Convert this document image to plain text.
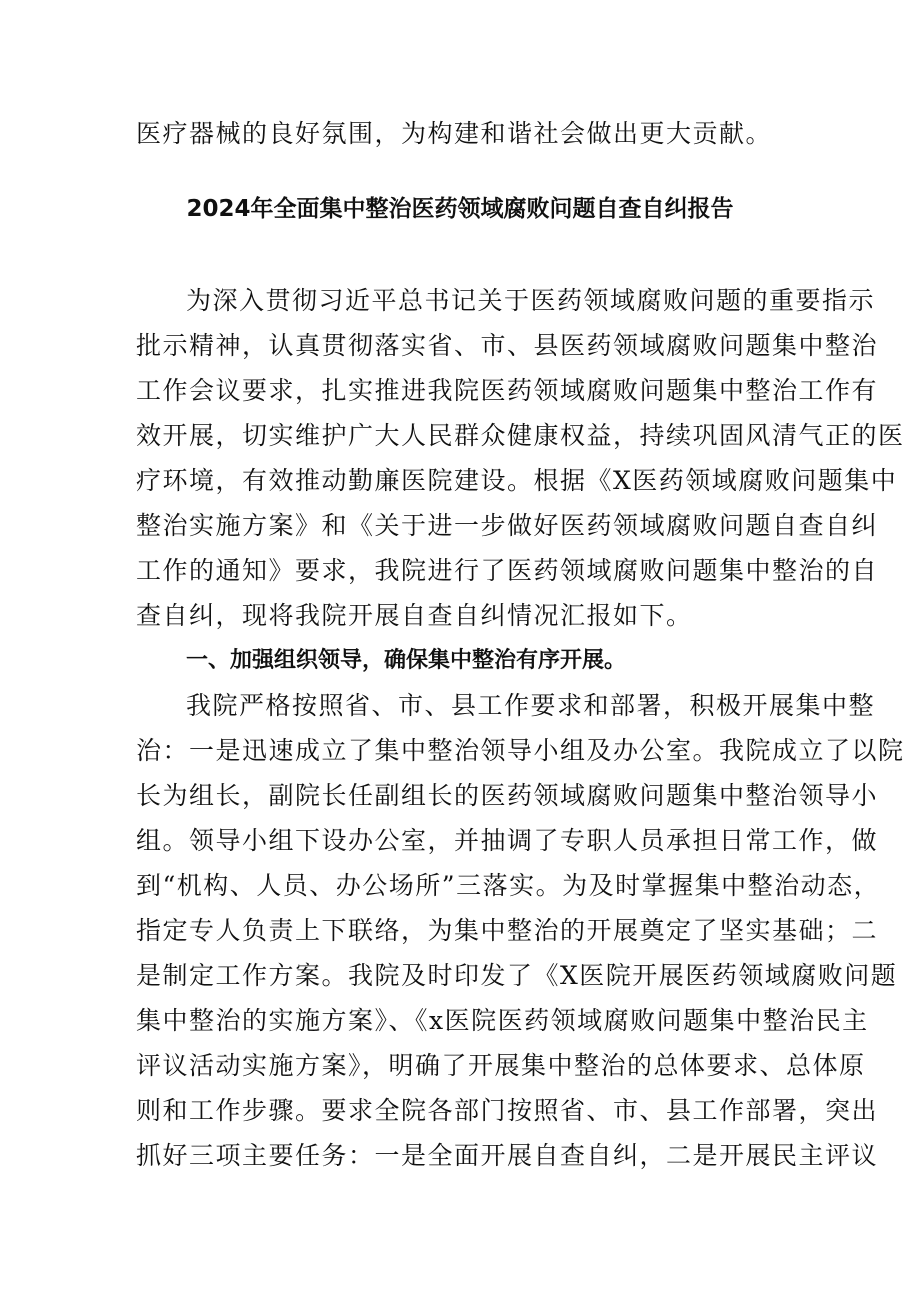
医疗器械的良好氛围，为构建和谐社会做出更大贡献。
2024年全面集中整治医药领域腐败问题自查自纠报告
为深入贯彻习近平总书记关于医药领域腐败问题的重要指示
批示精神，认真贯彻落实省、市、县医药领域腐败问题集中整治
工作会议要求，扎实推进我院医药领域腐败问题集中整治工作有
效开展，切实维护广大人民群众健康权益，持续巩固风清气正的医
疗环境，有效推动勤廉医院建设。根据《X医药领域腐败问题集中
整治实施方案》和《关于进一步做好医药领域腐败问题自查自纠
工作的通知》要求，我院进行了医药领域腐败问题集中整治的自
查自纠，现将我院开展自查自纠情况汇报如下。
一、加强组织领导，确保集中整治有序开展。
我院严格按照省、市、县工作要求和部署，积极开展集中整
治：一是迅速成立了集中整治领导小组及办公室。我院成立了以院
长为组长，副院长任副组长的医药领域腐败问题集中整治领导小
组。领导小组下设办公室，并抽调了专职人员承担日常工作，做
到“机构、人员、办公场所”三落实。为及时掌握集中整治动态，
指定专人负责上下联络，为集中整治的开展奠定了坚实基础；二
是制定工作方案。我院及时印发了《X医院开展医药领域腐败问题
集中整治的实施方案》、《x医院医药领域腐败问题集中整治民主
评议活动实施方案》，明确了开展集中整治的总体要求、总体原
则和工作步骤。要求全院各部门按照省、市、县工作部署，突出
抓好三项主要任务：一是全面开展自查自纠，二是开展民主评议
